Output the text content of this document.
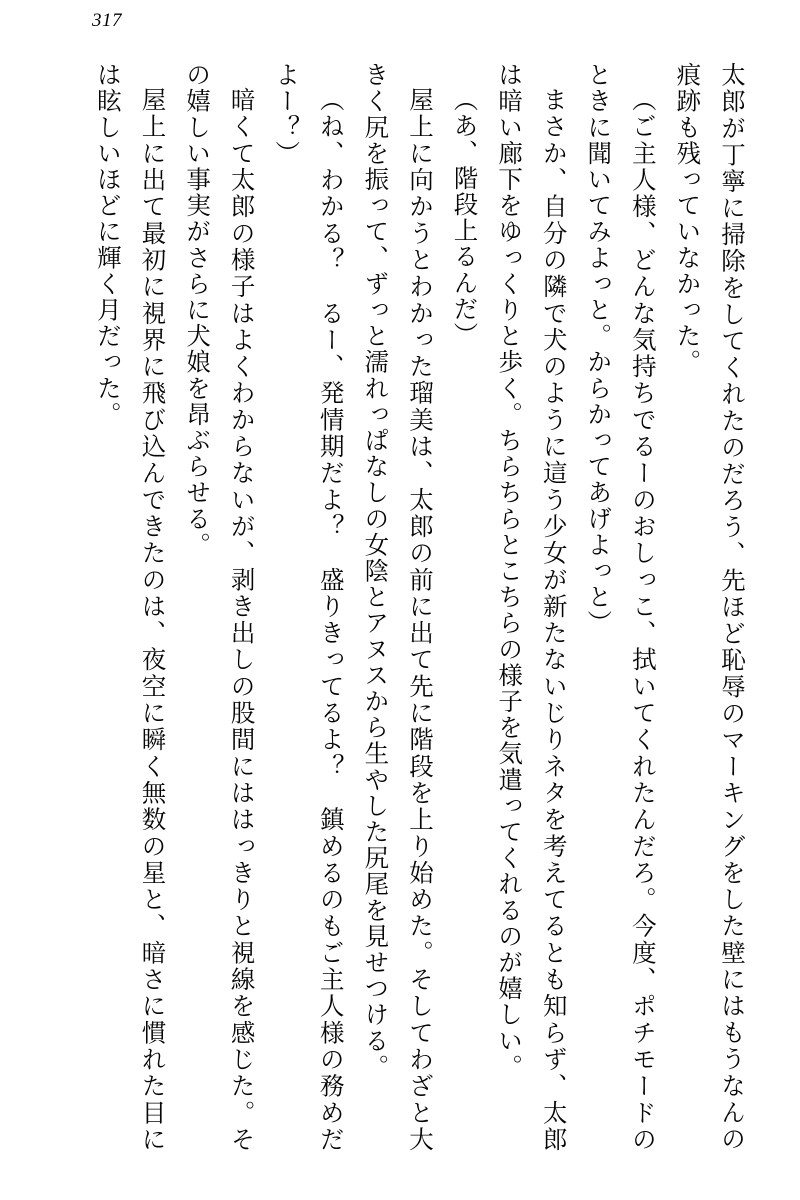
317

太郎が丁寧に掃除をしてくれたのだろう、先ほど恥辱のマーキングをした壁にはもうなんの痕跡も残っていなかった。

（ご主人様、どんな気持ちでるーのおしっこ、拭いてくれたんだろ。今度、ポチモードのときに聞いてみよっと。からかってあげよっと）

まさか、自分の隣で犬のように這う少女が新たないじりネタを考えてるとも知らず、太郎は暗い廊下をゆっくりと歩く。ちらちらとこちらの様子を気遣ってくれるのが嬉しい。

（あ、階段上るんだ）

屋上に向かうとわかった瑠美は、太郎の前に出て先に階段を上り始めた。そしてわざと大きく尻を振って、ずっと濡れっぱなしの女陰とアヌスから生やした尻尾を見せつける。

（ね、わかる？　るー、発情期だよ？　盛りきってるよ？　鎮めるのもご主人様の務めだよー？）

暗くて太郎の様子はよくわからないが、剥き出しの股間にははっきりと視線を感じた。その嬉しい事実がさらに犬娘を昂ぶらせる。

屋上に出て最初に視界に飛び込んできたのは、夜空に瞬く無数の星と、暗さに慣れた目には眩しいほどに輝く月だった。
